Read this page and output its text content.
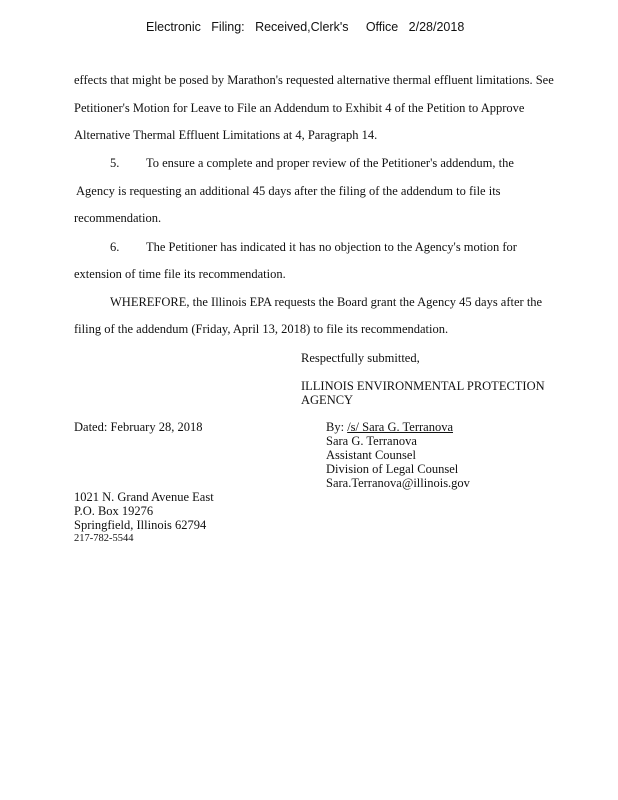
Electronic   Filing:   Received,Clerk's     Office   2/28/2018
effects that might be posed by Marathon's requested alternative thermal effluent limitations. See
Petitioner's Motion for Leave to File an Addendum to Exhibit 4 of the Petition to Approve
Alternative Thermal Effluent Limitations at 4, Paragraph 14.
5. To ensure a complete and proper review of the Petitioner's addendum, the
Agency is requesting an additional 45 days after the filing of the addendum to file its
recommendation.
6. The Petitioner has indicated it has no objection to the Agency's motion for
extension of time file its recommendation.
WHEREFORE, the Illinois EPA requests the Board grant the Agency 45 days after the
filing of the addendum (Friday, April 13, 2018) to file its recommendation.
Respectfully submitted,
ILLINOIS ENVIRONMENTAL PROTECTION
AGENCY
Dated: February 28, 2018	By: /s/ Sara G. Terranova
Sara G. Terranova
Assistant Counsel
Division of Legal Counsel
Sara.Terranova@illinois.gov
1021 N. Grand Avenue East
P.O. Box 19276
Springfield, Illinois 62794
217-782-5544
